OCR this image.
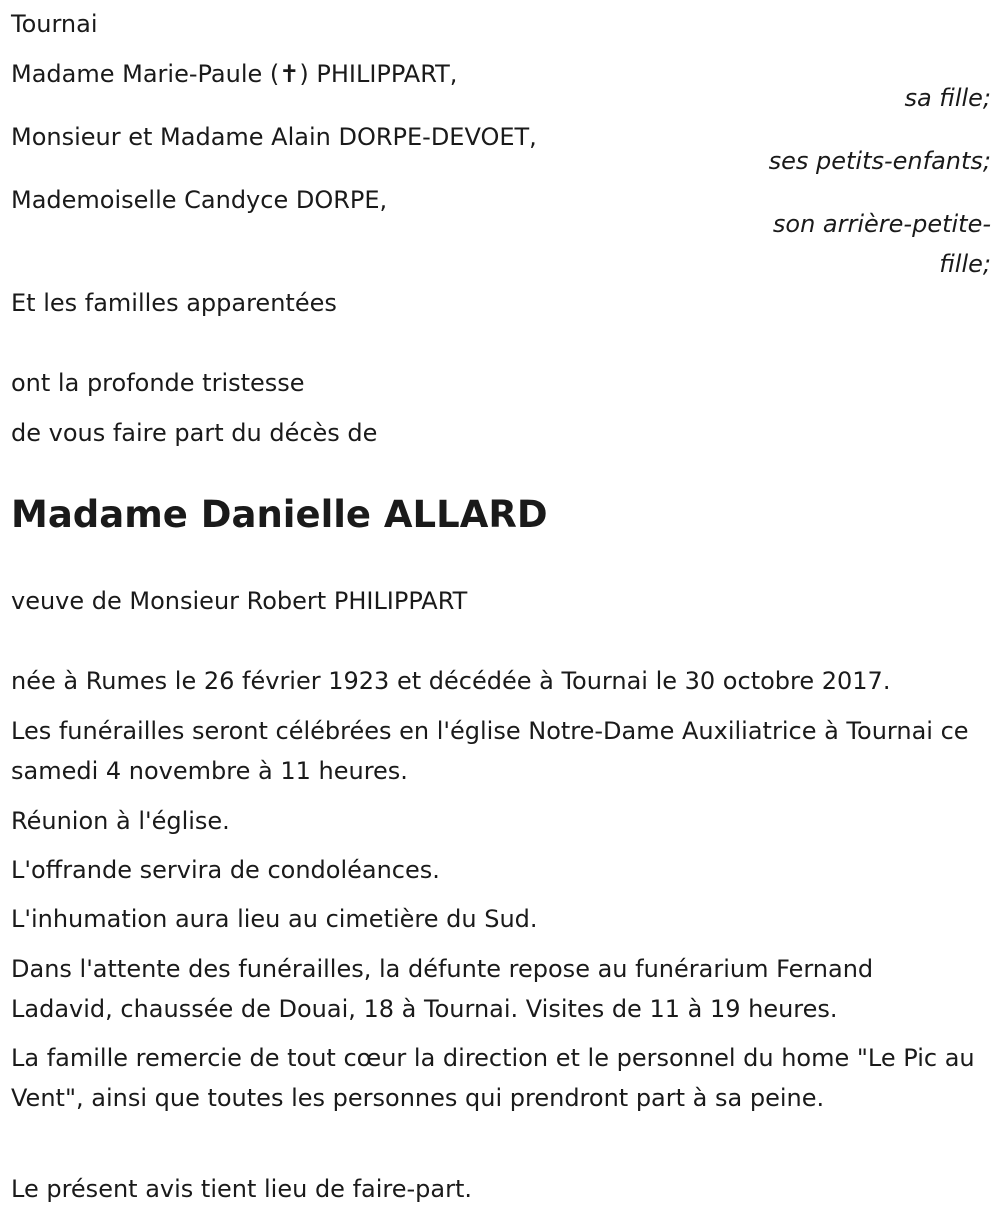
Tournai

Madame Marie-Paule (✝) PHILIPPART,

sa fille;

Monsieur et Madame Alain DORPE-DEVOET,

ses petits-enfants;

Mademoiselle Candyce DORPE,

son arrière-petite-

fille;

Et les familles apparentées

ont la profonde tristesse

de vous faire part du décès de

Madame Danielle ALLARD

veuve de Monsieur Robert PHILIPPART

née à Rumes le 26 février 1923 et décédée à Tournai le 30 octobre 2017.

Les funérailles seront célébrées en l'église Notre-Dame Auxiliatrice à Tournai ce samedi 4 novembre à 11 heures.

Réunion à l'église.

L'offrande servira de condoléances.

L'inhumation aura lieu au cimetière du Sud.

Dans l'attente des funérailles, la défunte repose au funérarium Fernand Ladavid, chaussée de Douai, 18 à Tournai. Visites de 11 à 19 heures.

La famille remercie de tout cœur la direction et le personnel du home "Le Pic au Vent", ainsi que toutes les personnes qui prendront part à sa peine.

Le présent avis tient lieu de faire-part.
